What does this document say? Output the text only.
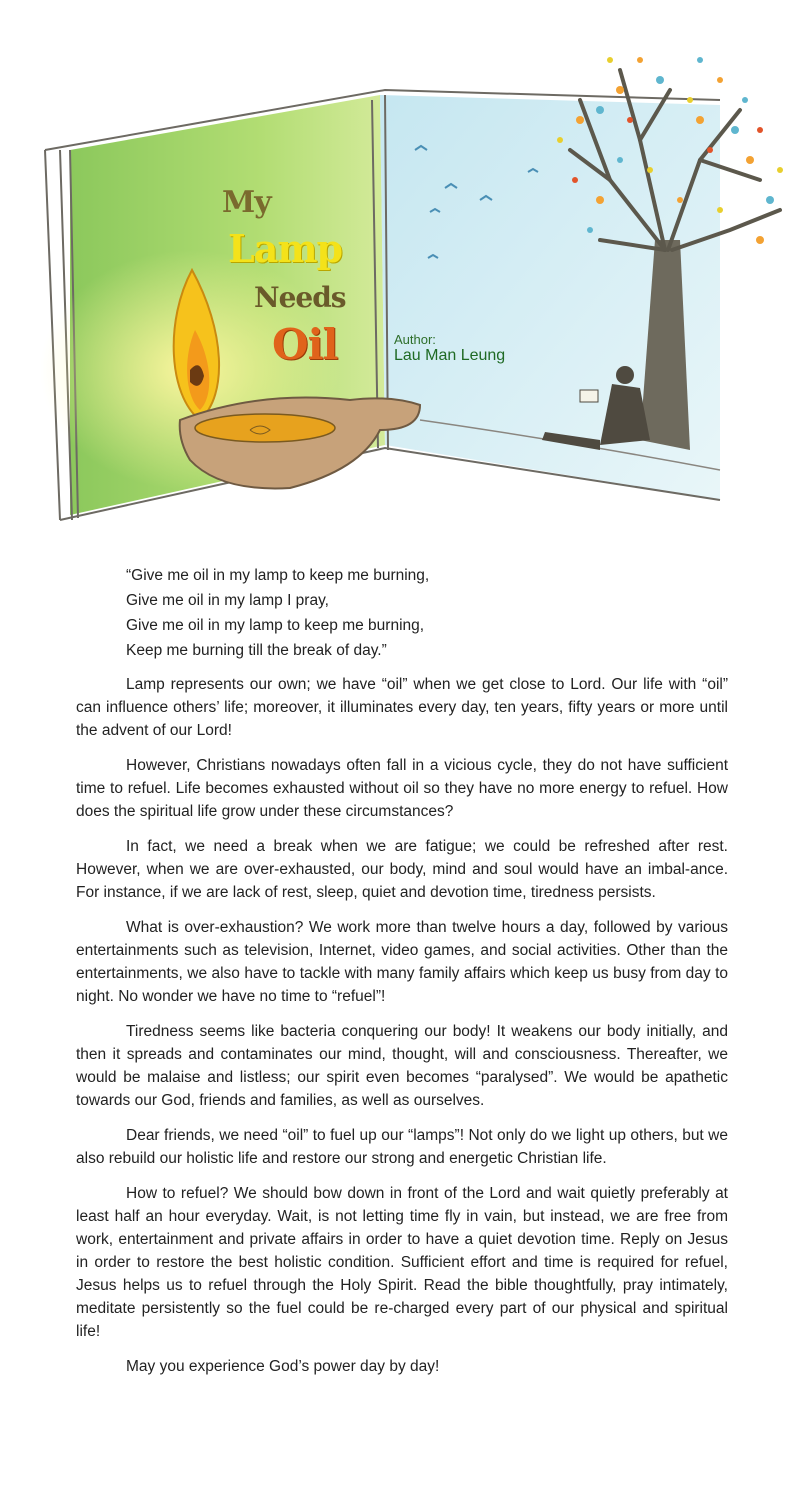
My
Lamp
Needs
Oil	Author:
Lau Man Leung

“Give me oil in my lamp to keep me burning,

Give me oil in my lamp I pray,

Give me oil in my lamp to keep me burning,

Keep me burning till the break of day.”

Lamp represents our own; we have “oil” when we get close to Lord. Our life with “oil” can influence others’ life; moreover, it illuminates every day, ten years, fifty years or more until the advent of our Lord!

However, Christians nowadays often fall in a vicious cycle, they do not have sufficient time to refuel. Life becomes exhausted without oil so they have no more energy to refuel. How does the spiritual life grow under these circumstances?

In fact, we need a break when we are fatigue; we could be refreshed after rest. However, when we are over-exhausted, our body, mind and soul would have an imbal-ance. For instance, if we are lack of rest, sleep, quiet and devotion time, tiredness persists.

What is over-exhaustion? We work more than twelve hours a day, followed by various entertainments such as television, Internet, video games, and social activities. Other than the entertainments, we also have to tackle with many family affairs which keep us busy from day to night. No wonder we have no time to “refuel”!

Tiredness seems like bacteria conquering our body! It weakens our body initially, and then it spreads and contaminates our mind, thought, will and consciousness. Thereafter, we would be malaise and listless; our spirit even becomes “paralysed”. We would be apathetic towards our God, friends and families, as well as ourselves.

Dear friends, we need “oil” to fuel up our “lamps”! Not only do we light up others, but we also rebuild our holistic life and restore our strong and energetic Christian life.

How to refuel? We should bow down in front of the Lord and wait quietly preferably at least half an hour everyday. Wait, is not letting time fly in vain, but instead, we are free from work, entertainment and private affairs in order to have a quiet devotion time. Reply on Jesus in order to restore the best holistic condition. Sufficient effort and time is required for refuel, Jesus helps us to refuel through the Holy Spirit. Read the bible thoughtfully, pray intimately, meditate persistently so the fuel could be re-charged every part of our physical and spiritual life!

May you experience God’s power day by day!
